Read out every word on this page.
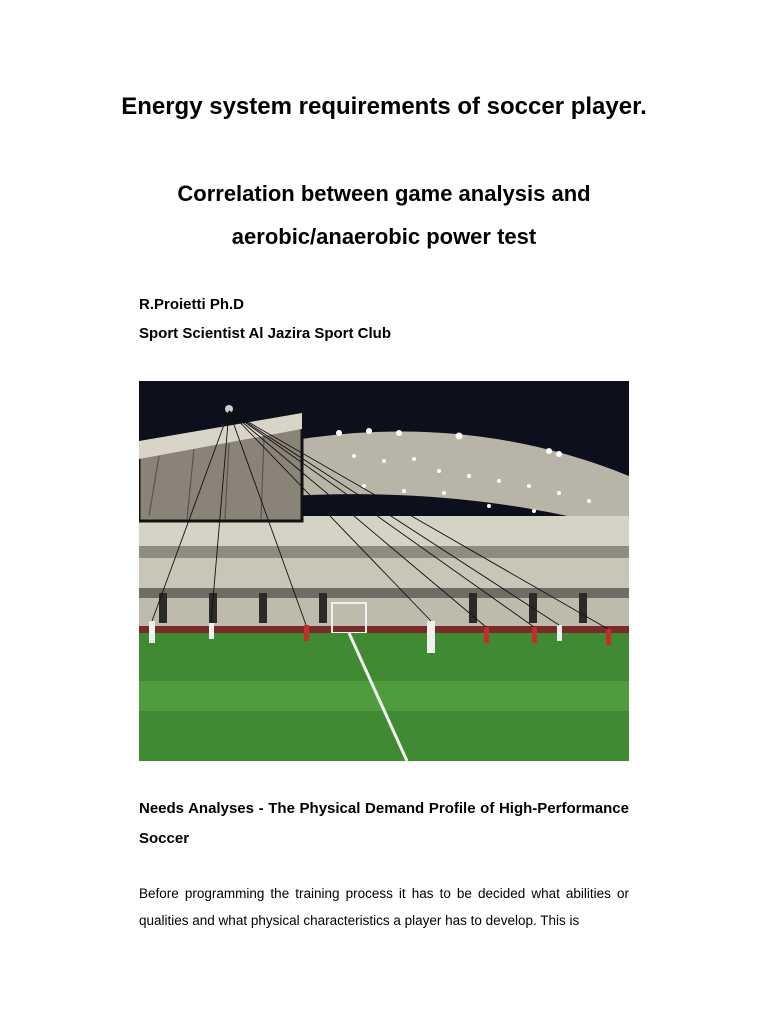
Energy system requirements of soccer player.
Correlation between game analysis and aerobic/anaerobic power test
R.Proietti Ph.D
Sport Scientist Al Jazira Sport Club

Needs Analyses - The Physical Demand Profile of High-Performance Soccer

Before programming the training process it has to be decided what abilities or qualities and what physical characteristics a player has to develop. This is
